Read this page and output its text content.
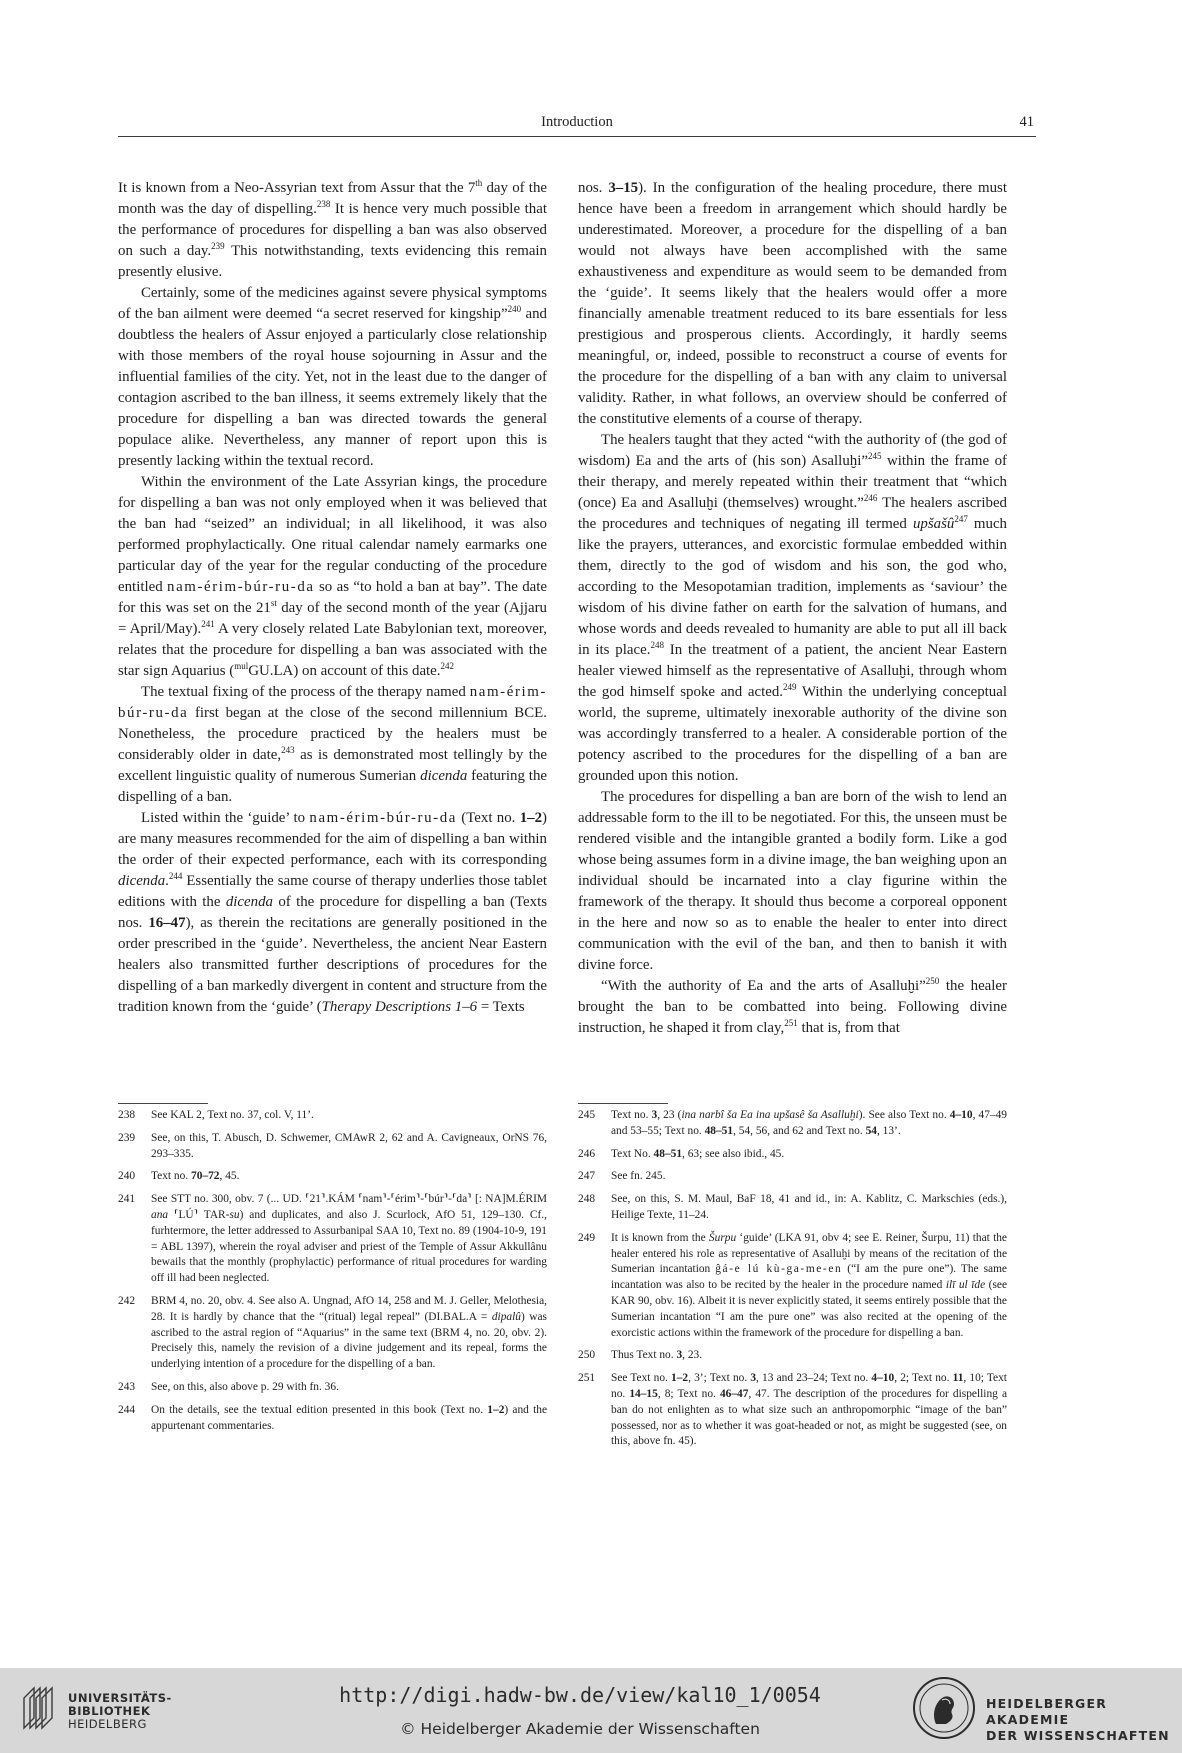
Introduction	41

It is known from a Neo-Assyrian text from Assur that the 7th day of the month was the day of dispelling.$^{238}$ It is hence very much possible that the performance of procedures for dispelling a ban was also observed on such a day.$^{239}$ This notwithstanding, texts evidencing this remain presently elusive.

Certainly, some of the medicines against severe physical symptoms of the ban ailment were deemed “a secret reserved for kingship”$^{240}$ and doubtless the healers of Assur enjoyed a particularly close relationship with those members of the royal house sojourning in Assur and the influential families of the city. Yet, not in the least due to the danger of contagion ascribed to the ban illness, it seems extremely likely that the procedure for dispelling a ban was directed towards the general populace alike. Nevertheless, any manner of report upon this is presently lacking within the textual record.

Within the environment of the Late Assyrian kings, the procedure for dispelling a ban was not only employed when it was believed that the ban had “seized” an individual; in all likelihood, it was also performed prophylactically. One ritual calendar namely earmarks one particular day of the year for the regular conducting of the procedure entitled nam-érim-búr-ru-da so as “to hold a ban at bay”. The date for this was set on the 21st day of the second month of the year (Ajjaru = April/May).$^{241}$ A very closely related Late Babylonian text, moreover, relates that the procedure for dispelling a ban was associated with the star sign Aquarius ($^{mul}$GU.LA) on account of this date.$^{242}$

The textual fixing of the process of the therapy named nam-érim-búr-ru-da first began at the close of the second millennium BCE. Nonetheless, the procedure practiced by the healers must be considerably older in date,$^{243}$ as is demonstrated most tellingly by the excellent linguistic quality of numerous Sumerian dicenda featuring the dispelling of a ban.

Listed within the ‘guide’ to nam-érim-búr-ru-da (Text no. 1–2) are many measures recommended for the aim of dispelling a ban within the order of their expected performance, each with its corresponding dicenda.$^{244}$ Essentially the same course of therapy underlies those tablet editions with the dicenda of the procedure for dispelling a ban (Texts nos. 16–47), as therein the recitations are generally positioned in the order prescribed in the ‘guide’. Nevertheless, the ancient Near Eastern healers also transmitted further descriptions of procedures for the dispelling of a ban markedly divergent in content and structure from the tradition known from the ‘guide’ (Therapy Descriptions 1–6 = Texts

nos. 3–15). In the configuration of the healing procedure, there must hence have been a freedom in arrangement which should hardly be underestimated. Moreover, a procedure for the dispelling of a ban would not always have been accomplished with the same exhaustiveness and expenditure as would seem to be demanded from the ‘guide’. It seems likely that the healers would offer a more financially amenable treatment reduced to its bare essentials for less prestigious and prosperous clients. Accordingly, it hardly seems meaningful, or, indeed, possible to reconstruct a course of events for the procedure for the dispelling of a ban with any claim to universal validity. Rather, in what follows, an overview should be conferred of the constitutive elements of a course of therapy.

The healers taught that they acted “with the authority of (the god of wisdom) Ea and the arts of (his son) Asalluḫi”$^{245}$ within the frame of their therapy, and merely repeated within their treatment that “which (once) Ea and Asalluḫi (themselves) wrought.”$^{246}$ The healers ascribed the procedures and techniques of negating ill termed upšašû$^{247}$ much like the prayers, utterances, and exorcistic formulae embedded within them, directly to the god of wisdom and his son, the god who, according to the Mesopotamian tradition, implements as ‘saviour’ the wisdom of his divine father on earth for the salvation of humans, and whose words and deeds revealed to humanity are able to put all ill back in its place.$^{248}$ In the treatment of a patient, the ancient Near Eastern healer viewed himself as the representative of Asalluḫi, through whom the god himself spoke and acted.$^{249}$ Within the underlying conceptual world, the supreme, ultimately inexorable authority of the divine son was accordingly transferred to a healer. A considerable portion of the potency ascribed to the procedures for the dispelling of a ban are grounded upon this notion.

The procedures for dispelling a ban are born of the wish to lend an addressable form to the ill to be negotiated. For this, the unseen must be rendered visible and the intangible granted a bodily form. Like a god whose being assumes form in a divine image, the ban weighing upon an individual should be incarnated into a clay figurine within the framework of the therapy. It should thus become a corporeal opponent in the here and now so as to enable the healer to enter into direct communication with the evil of the ban, and then to banish it with divine force.

“With the authority of Ea and the arts of Asalluḫi”$^{250}$ the healer brought the ban to be combatted into being. Following divine instruction, he shaped it from clay,$^{251}$ that is, from that

238 See KAL 2, Text no. 37, col. V, 11’.
239 See, on this, T. Abusch, D. Schwemer, CMAwR 2, 62 and A. Cavigneaux, OrNS 76, 293–335.
240 Text no. 70–72, 45.
241 See STT no. 300, obv. 7 (... UD. ⸢21⸣.KÁM ⸢nam⸣-⸢érim⸣-⸢búr⸣-⸢da⸣ [: NA]M.ÉRIM ana ⸢LÚ⸣ TAR-su) and duplicates, and also J. Scurlock, AfO 51, 129–130. Cf., furhtermore, the letter addressed to Assurbanipal SAA 10, Text no. 89 (1904-10-9, 191 = ABL 1397), wherein the royal adviser and priest of the Temple of Assur Akkullânu bewails that the monthly (prophylactic) performance of ritual procedures for warding off ill had been neglected.
242 BRM 4, no. 20, obv. 4. See also A. Ungnad, AfO 14, 258 and M. J. Geller, Melothesia, 28. It is hardly by chance that the “(ritual) legal repeal” (DI.BAL.A = dipalû) was ascribed to the astral region of “Aquarius” in the same text (BRM 4, no. 20, obv. 2). Precisely this, namely the revision of a divine judgement and its repeal, forms the underlying intention of a procedure for the dispelling of a ban.
243 See, on this, also above p. 29 with fn. 36.
244 On the details, see the textual edition presented in this book (Text no. 1–2) and the appurtenant commentaries.
245 Text no. 3, 23 (ina narbî ša Ea ina upšasê ša Asalluḫi). See also Text no. 4–10, 47–49 and 53–55; Text no. 48–51, 54, 56, and 62 and Text no. 54, 13’.
246 Text No. 48–51, 63; see also ibid., 45.
247 See fn. 245.
248 See, on this, S. M. Maul, BaF 18, 41 and id., in: A. Kablitz, C. Markschies (eds.), Heilige Texte, 11–24.
249 It is known from the Šurpu ‘guide’ (LKA 91, obv 4; see E. Reiner, Šurpu, 11) that the healer entered his role as representative of Asalluḫi by means of the recitation of the Sumerian incantation ĝá-e lú kù-ga-me-en (“I am the pure one”). The same incantation was also to be recited by the healer in the procedure named ilī ul īde (see KAR 90, obv. 16). Albeit it is never explicitly stated, it seems entirely possible that the Sumerian incantation “I am the pure one” was also recited at the opening of the exorcistic actions within the framework of the procedure for dispelling a ban.
250 Thus Text no. 3, 23.
251 See Text no. 1–2, 3’; Text no. 3, 13 and 23–24; Text no. 4–10, 2; Text no. 11, 10; Text no. 14–15, 8; Text no. 46–47, 47. The description of the procedures for dispelling a ban do not enlighten as to what size such an anthropomorphic “image of the ban” possessed, nor as to whether it was goat-headed or not, as might be suggested (see, on this, above fn. 45).
UNIVERSITÄTS-
BIBLIOTHEK
HEIDELBERG
http://digi.hadw-bw.de/view/kal10_1/0054
© Heidelberger Akademie der Wissenschaften
HEIDELBERGER AKADEMIE
DER WISSENSCHAFTEN
